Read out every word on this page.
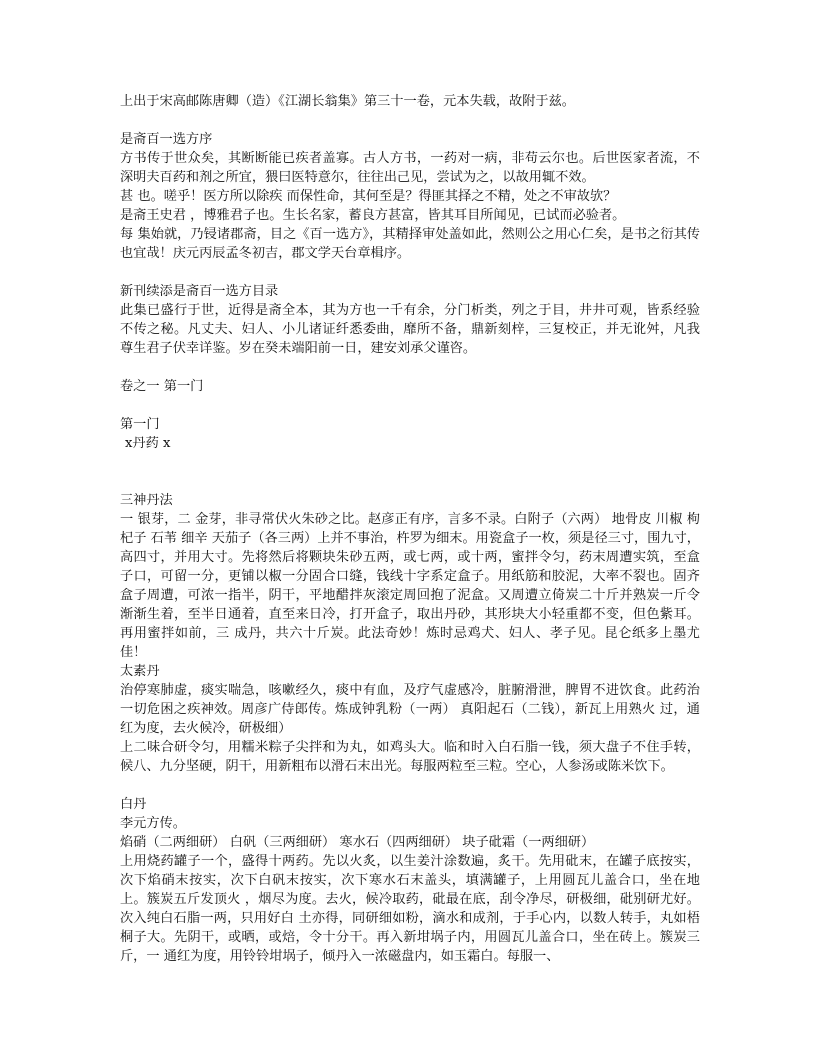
上出于宋高邮陈唐卿（造）《江湖长翁集》第三十一卷，元本失载，故附于兹。

是斋百一选方序

方书传于世众矣，其断断能已疾者盖寡。古人方书，一药对一病，非苟云尔也。后世医家者流，不深明夫百药和剂之所宜，猥曰医特意尔，往往出己见，尝试为之，以故用辄不效。

甚 也。嗟乎！医方所以除疾 而保性命，其何至是？得匪其择之不精，处之不审故欤？

是斋王史君 ，博雅君子也。生长名家，蓄良方甚富，皆其耳目所闻见，已试而必验者。

每 集始就，乃锓诸郡斋，目之《百一选方》，其精择审处盖如此，然则公之用心仁矣，是书之衍其传也宜哉！庆元丙辰孟冬初吉，郡文学天台章楫序。

新刊续添是斋百一选方目录

此集已盛行于世，近得是斋全本，其为方也一千有余，分门析类，列之于目，井井可观，皆系经验不传之秘。凡丈夫、妇人、小儿诸证纤悉委曲，靡所不备，鼎新刻梓，三复校正，并无讹舛，凡我尊生君子伏幸详鉴。岁在癸未端阳前一日，建安刘承父谨咨。

卷之一 第一门

第一门

x丹药 x

三神丹法

一 银芽，二 金芽，非寻常伏火朱砂之比。赵彦正有序，言多不录。白附子（六两） 地骨皮 川椒 枸杞子 石苇 细辛 天茄子（各三两）上并不事治，杵罗为细末。用瓷盒子一枚，须是径三寸，围九寸，高四寸，并用大寸。先将然后将颗块朱砂五两，或七两，或十两，蜜拌令匀，药末周遭实筑，至盒子口，可留一分，更铺以椒一分固合口缝，钱线十字系定盒子。用纸筋和胶泥，大率不裂也。固齐盒子周遭，可浓一指半，阴干，平地醋拌灰滚定周回抱了泥盒。又周遭立倚炭二十斤并熟炭一斤令渐渐生着，至半日通着，直至来日冷，打开盒子，取出丹砂，其形块大小轻重都不变，但色紫耳。再用蜜拌如前，三 成丹，共六十斤炭。此法奇妙！炼时忌鸡犬、妇人、孝子见。昆仑纸多上墨尤佳！

太素丹

治停寒肺虚，痰实喘急，咳嗽经久，痰中有血，及疗气虚感冷，脏腑滑泄，脾胃不进饮食。此药治一切危困之疾神效。周彦广侍郎传。炼成钟乳粉（一两） 真阳起石（二钱），新瓦上用熟火 过，通红为度，去火候冷，研极细）

上二味合研令匀，用糯米粽子尖拌和为丸，如鸡头大。临和时入白石脂一钱，须大盘子不住手转，候八、九分坚硬，阴干，用新粗布以滑石末出光。每服两粒至三粒。空心，人参汤或陈米饮下。

白丹

李元方传。

焰硝（二两细研） 白矾（三两细研） 寒水石（四两细研） 块子砒霜（一两细研）

上用烧药罐子一个，盛得十两药。先以火炙，以生姜汁涂数遍，炙干。先用砒末，在罐子底按实，次下焰硝末按实，次下白矾末按实，次下寒水石末盖头，填满罐子，上用圆瓦儿盖合口，坐在地上。簇炭五斤发顶火 ，烟尽为度。去火，候冷取药，砒最在底，刮令净尽，研极细，砒别研尤好。次入纯白石脂一两，只用好白 土亦得，同研细如粉，滴水和成剂，于手心内，以数人转手，丸如梧桐子大。先阴干，或晒，或焙，令十分干。再入新坩埚子内，用圆瓦儿盖合口，坐在砖上。簇炭三斤，一 通红为度，用铃铃坩埚子，倾丹入一浓磁盘内，如玉霜白。每服一、
